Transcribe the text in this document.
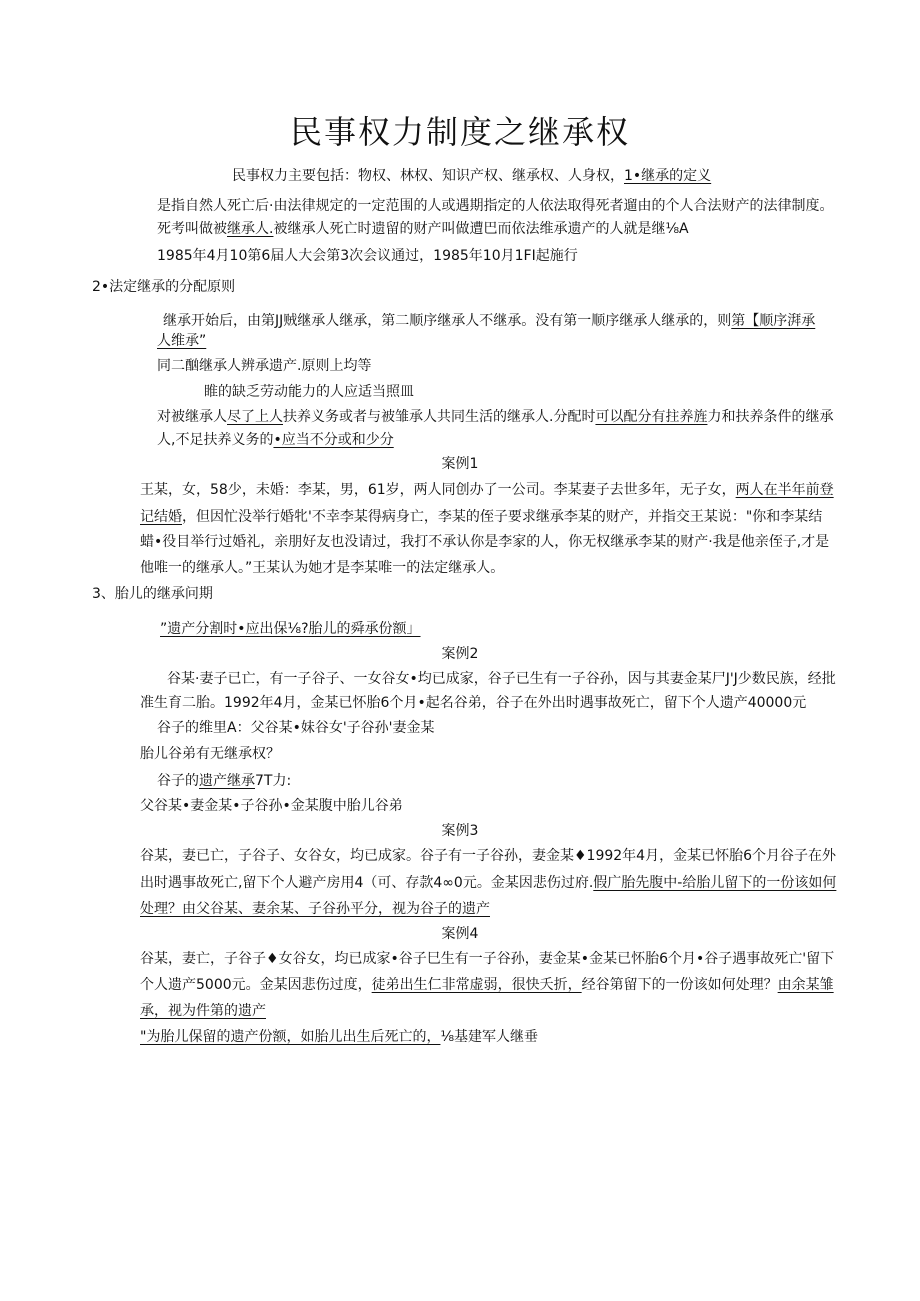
民事权力制度之继承权
民事权力主要包括：物权、林权、知识产权、继承权、人身权，1•继承的定义
是指自然人死亡后·由法律规定的一定范围的人或遇期指定的人依法取得死者遛由的个人合法财产的法律制度。
死考叫做被继承人.被继承人死亡时遗留的财产叫做遭巴而依法维承遗产的人就是继⅛A
1985年4月10第6届人大会第3次会议通过，1985年10月1FI起施行
2•法定继承的分配原则
继承开始后，由第JJ贼继承人继承，第二顺序继承人不继承。没有第一顺序继承人继承的，则第【顺序湃承
人维承”
同二酗继承人辨承遗产.原则上均等
睢的缺乏劳动能力的人应适当照皿
对被继承人尽了上人扶养义务或者与被雏承人共同生活的继承人.分配时可以配分有拄养旌力和扶养条件的继承
人,不足扶养义务的•应当不分或和少分
案例1
王某，女，58少，未婚：李某，男，61岁，两人同创办了一公司。李某妻子去世多年，无子女，两人在半年前登
记结婚，但因忙没举行婚牝'不幸李某得病身亡，李某的侄子要求继承李某的财产，并指交王某说："你和李某结
蜡•役目举行过婚礼，亲朋好友也没请过，我打不承认你是李家的人，你无权继承李某的财产·我是他亲侄子,才是
他唯一的继承人。”王某认为她才是李某唯一的法定继承人。
3、胎儿的继承问期
”遗产分割时•应出保⅛?胎儿的舜承份额」
案例2
谷某·妻子已亡，有一子谷子、一女谷女•均已成家，谷子已生有一子谷孙，因与其妻金某尸J'J少数民族，经批
准生育二胎。1992年4月，金某已怀胎6个月•起名谷弟，谷子在外出时遇事故死亡，留下个人遗产40000元
谷子的维里A：父谷某•妹谷女'子谷孙'妻金某
胎儿谷弟有无继承权？
谷子的遗产继承7T力:
父谷某•妻金某•子谷孙•金某腹中胎儿谷弟
案例3
谷某，妻已亡，子谷子、女谷女，均已成家。谷子有一子谷孙，妻金某♦1992年4月，金某已怀胎6个月谷子在外
出时遇事故死亡,留下个人避产房用4（可、存款4∞0元。金某因悲伤过府.假广胎先腹中-给胎儿留下的一份该如何
处理？由父谷某、妻余某、子谷孙平分，视为谷子的遗产
案例4
谷某，妻亡，子谷子♦女谷女，均已成家•谷子巳生有一子谷孙，妻金某•金某已怀胎6个月•谷子遇事故死亡'留下
个人遗产5000元。金某因悲伤过度，徒弟出生仁非常虚弱，很快夭折，经谷第留下的一份该如何处理？由余某雏
承，视为件第的遗产
"为胎儿保留的遗产份额，如胎儿出生后死亡的，⅛基建军人继垂
